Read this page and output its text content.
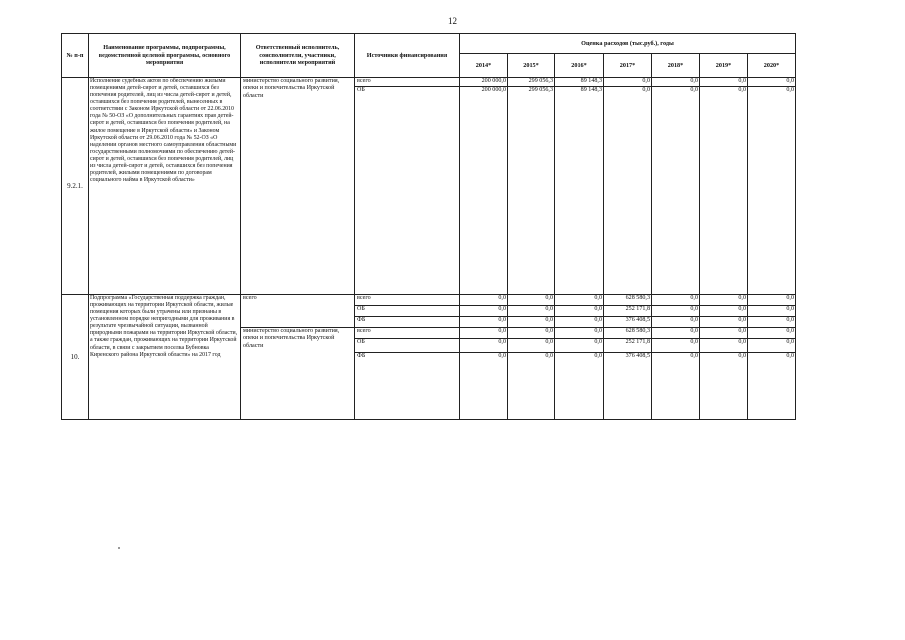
12
№ п-п	Наименование программы, подпрограммы, ведомственной целевой программы, основного мероприятия	Ответственный исполнитель, соисполнители, участники, исполнители мероприятий	Источники финансирования	Оценка расходов (тыс.руб.), годы						
				2014*	2015*	2016*	2017*	2018*	2019*	2020*
9.2.1.	Исполнение судебных актов по обеспечению жилыми помещениями детей-сирот и детей, оставшихся без попечения родителей, лиц из числа детей-сирот и детей, оставшихся без попечения родителей, вынесенных в соответствии с Законом Иркутской области от 22.06.2010 года № 50-ОЗ «О дополнительных гарантиях прав детей-сирот и детей, оставшихся без попечения родителей, на жилое помещение в Иркутской области» и Законом Иркутской области от 29.06.2010 года № 52-ОЗ «О наделении органов местного самоуправления областными государственными полномочиями по обеспечению детей-сирот и детей, оставшихся без попечения родителей, лиц из числа детей-сирот и детей, оставшихся без попечения родителей, жилыми помещениями по договорам социального найма в Иркутской области»	министерство социального развития, опеки и попечительства Иркутской области	всего	200 000,0	299 056,3	89 148,3	0,0	0,0	0,0	0,0
			ОБ	200 000,0	299 056,3	89 148,3	0,0	0,0	0,0	0,0
10.	Подпрограмма «Государственная поддержка граждан, проживающих на территории Иркутской области, жилые помещения которых были утрачены или признаны в установленном порядке непригодными для проживания в результате чрезвычайной ситуации, вызванной природными пожарами на территории Иркутской области, а также граждан, проживающих на территории Иркутской области, в связи с закрытием поселка Бубновка Киренского района Иркутской области» на 2017 год	всего	всего	0,0	0,0	0,0	628 580,3	0,0	0,0	0,0
			ОБ	0,0	0,0	0,0	252 171,8	0,0	0,0	0,0
			ФБ	0,0	0,0	0,0	376 408,5	0,0	0,0	0,0
		министерство социального развития, опеки и попечительства Иркутской области	всего	0,0	0,0	0,0	628 580,3	0,0	0,0	0,0
			ОБ	0,0	0,0	0,0	252 171,8	0,0	0,0	0,0
			ФБ	0,0	0,0	0,0	376 408,5	0,0	0,0	0,0
